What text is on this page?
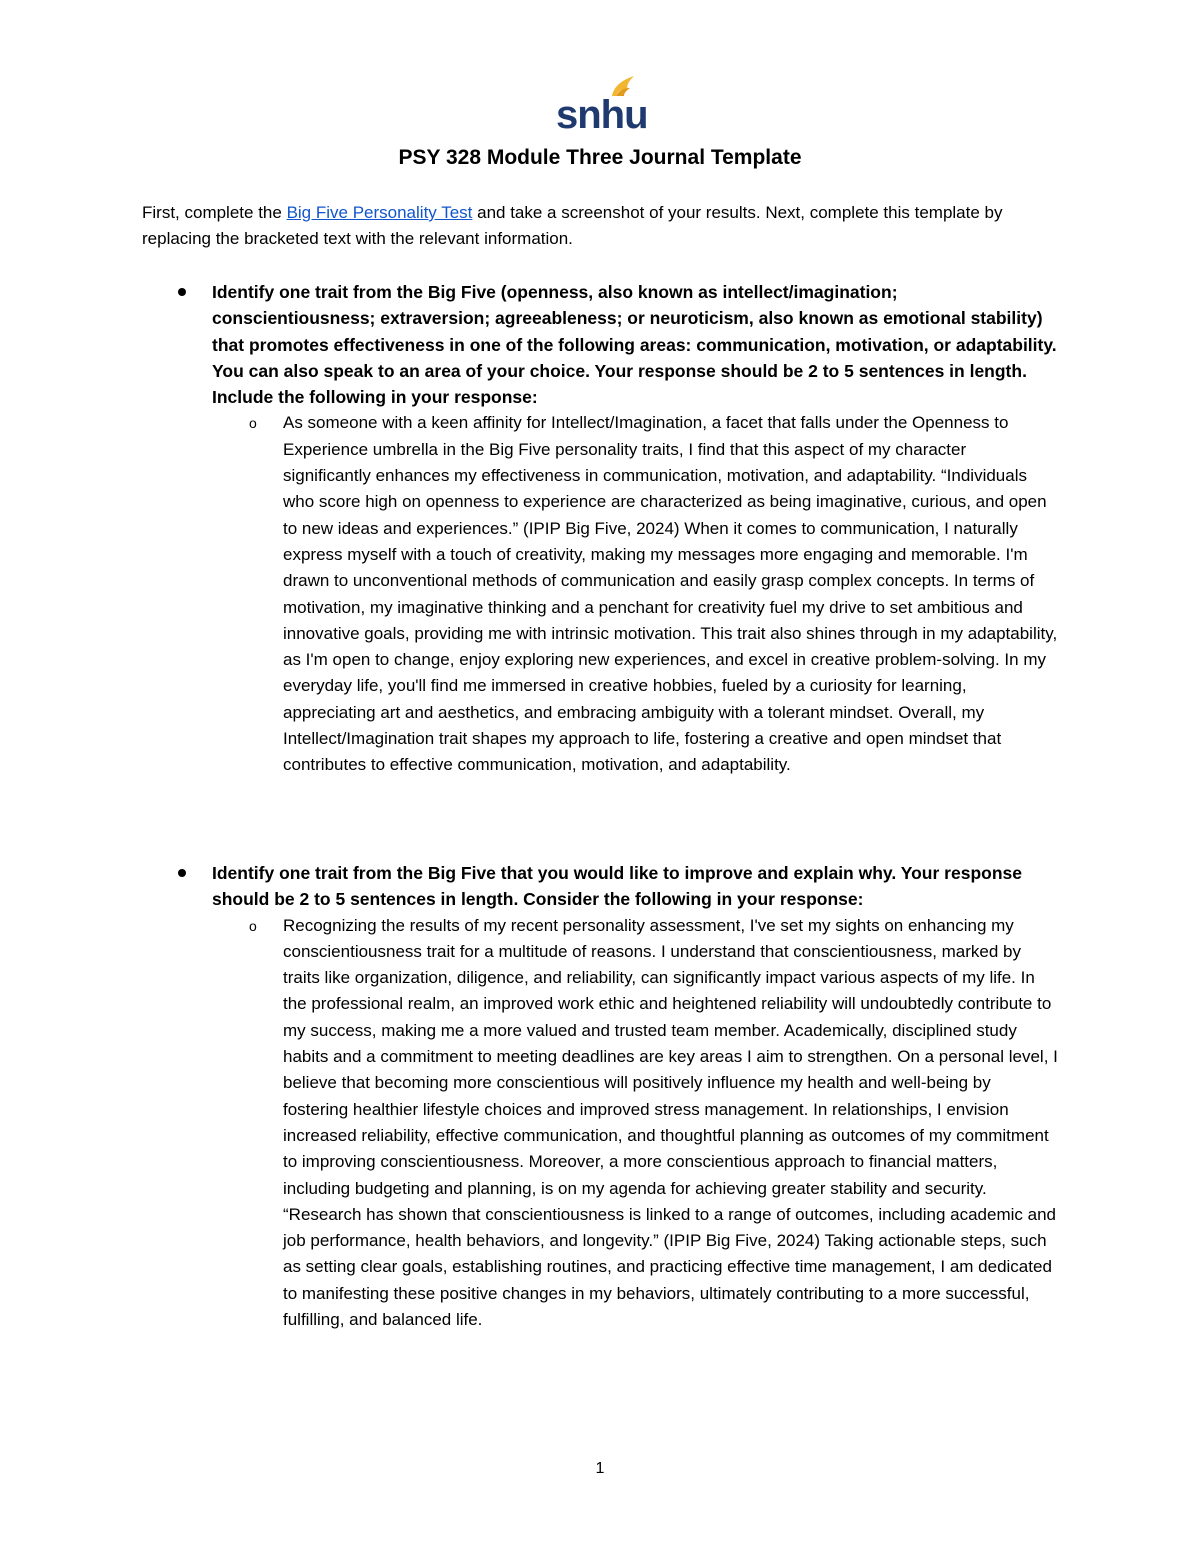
snhu
PSY 328 Module Three Journal Template

First, complete the Big Five Personality Test and take a screenshot of your results. Next, complete this template by replacing the bracketed text with the relevant information.

Identify one trait from the Big Five (openness, also known as intellect/imagination; conscientiousness; extraversion; agreeableness; or neuroticism, also known as emotional stability) that promotes effectiveness in one of the following areas: communication, motivation, or adaptability. You can also speak to an area of your choice. Your response should be 2 to 5 sentences in length. Include the following in your response:

o As someone with a keen affinity for Intellect/Imagination, a facet that falls under the Openness to Experience umbrella in the Big Five personality traits, I find that this aspect of my character significantly enhances my effectiveness in communication, motivation, and adaptability. “Individuals who score high on openness to experience are characterized as being imaginative, curious, and open to new ideas and experiences.” (IPIP Big Five, 2024) When it comes to communication, I naturally express myself with a touch of creativity, making my messages more engaging and memorable. I'm drawn to unconventional methods of communication and easily grasp complex concepts. In terms of motivation, my imaginative thinking and a penchant for creativity fuel my drive to set ambitious and innovative goals, providing me with intrinsic motivation. This trait also shines through in my adaptability, as I'm open to change, enjoy exploring new experiences, and excel in creative problem-solving. In my everyday life, you'll find me immersed in creative hobbies, fueled by a curiosity for learning, appreciating art and aesthetics, and embracing ambiguity with a tolerant mindset. Overall, my Intellect/Imagination trait shapes my approach to life, fostering a creative and open mindset that contributes to effective communication, motivation, and adaptability.

Identify one trait from the Big Five that you would like to improve and explain why. Your response should be 2 to 5 sentences in length. Consider the following in your response:

o Recognizing the results of my recent personality assessment, I've set my sights on enhancing my conscientiousness trait for a multitude of reasons. I understand that conscientiousness, marked by traits like organization, diligence, and reliability, can significantly impact various aspects of my life. In the professional realm, an improved work ethic and heightened reliability will undoubtedly contribute to my success, making me a more valued and trusted team member. Academically, disciplined study habits and a commitment to meeting deadlines are key areas I aim to strengthen. On a personal level, I believe that becoming more conscientious will positively influence my health and well-being by fostering healthier lifestyle choices and improved stress management. In relationships, I envision increased reliability, effective communication, and thoughtful planning as outcomes of my commitment to improving conscientiousness. Moreover, a more conscientious approach to financial matters, including budgeting and planning, is on my agenda for achieving greater stability and security. “Research has shown that conscientiousness is linked to a range of outcomes, including academic and job performance, health behaviors, and longevity.” (IPIP Big Five, 2024) Taking actionable steps, such as setting clear goals, establishing routines, and practicing effective time management, I am dedicated to manifesting these positive changes in my behaviors, ultimately contributing to a more successful, fulfilling, and balanced life.

1
